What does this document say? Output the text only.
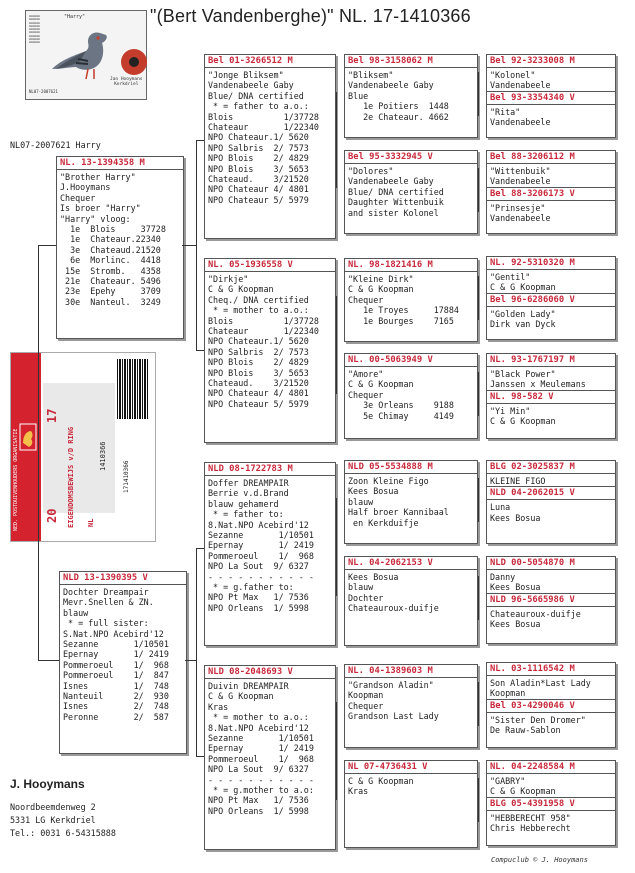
"(Bert Vandenberghe)" NL. 17-1410366
▬▬▬▬▬▬
▬▬▬▬▬▬
▬▬▬▬▬▬
▬▬▬▬▬▬
▬▬▬▬▬▬
▬▬▬▬▬▬
▬▬▬▬▬▬
▬▬▬▬▬▬
▬▬▬▬▬▬
"Harry"
Jan Hooymans
Kerkdriel
NL07-2007621
NL07-2007621 Harry
NL. 13-1394358 M
"Brother Harry"
J.Hooymans
Chequer
Is broer "Harry"
"Harry" vloog:
1e  Blois     37728
1e  Chateaur.22340
3e  Chateaud.21520
6e  Morlinc.  4418
15e  Stromb.   4358
21e  Chateaur. 5496
23e  Epehy     3709
30e  Nanteul.  3249
NED. POSTDUIVENHOUDERS ORGANISATIE	20
17
EIGENDOMSBEWIJS v/D RING NL
1410366
171410366
NLD 13-1390395 V
Dochter Dreampair
Mevr.Snellen & ZN.
blauw
* = full sister:
S.Nat.NPO Acebird'12
Sezanne       1/10501
Epernay       1/ 2419
Pommeroeul    1/  968
Pommeroeul    1/  847
Isnes         1/  748
Nanteuil      2/  930
Isnes         2/  748
Peronne       2/  587
Bel 01-3266512 M
"Jonge Bliksem"
Vandenabeele Gaby
Blue/ DNA certified
* = father to a.o.:
Blois          1/37728
Chateaur       1/22340
NPO Chateaur.1/ 5620
NPO Salbris  2/ 7573
NPO Blois    2/ 4829
NPO Blois    3/ 5653
Chateaud.    3/21520
NPO Chateaur 4/ 4801
NPO Chateaur 5/ 5979
NL. 05-1936558 V
"Dirkje"
C & G Koopman
Cheq./ DNA certified
* = mother to a.o.:
Blois          1/37728
Chateaur       1/22340
NPO Chateaur.1/ 5620
NPO Salbris  2/ 7573
NPO Blois    2/ 4829
NPO Blois    3/ 5653
Chateaud.    3/21520
NPO Chateaur 4/ 4801
NPO Chateaur 5/ 5979
NLD 08-1722783 M
Doffer DREAMPAIR
Berrie v.d.Brand
blauw gehamerd
* = father to:
8.Nat.NPO Acebird'12
Sezanne       1/10501
Epernay       1/ 2419
Pommeroeul    1/  968
NPO La Sout  9/ 6327
- - - - - - - - - - -
* = g.father to:
NPO Pt Max   1/ 7536
NPO Orleans  1/ 5998
NLD 08-2048693 V
Duivin DREAMPAIR
C & G Koopman
Kras
* = mother to a.o.:
8.Nat.NPO Acebird'12
Sezanne       1/10501
Epernay       1/ 2419
Pommeroeul    1/  968
NPO La Sout  9/ 6327
- - - - - - - - - - -
* = g.mother to a.o:
NPO Pt Max   1/ 7536
NPO Orleans  1/ 5998
Bel 98-3158062 M
"Bliksem"
Vandenabeele Gaby
Blue
1e Poitiers  1448
2e Chateaur. 4662
Bel 95-3332945 V
"Dolores"
Vandenabeele Gaby
Blue/ DNA certified
Daughter Wittenbuik
and sister Kolonel
NL. 98-1821416 M
"Kleine Dirk"
C & G Koopman
Chequer
1e Troyes     17884
1e Bourges    7165
NL. 00-5063949 V
"Amore"
C & G Koopman
Chequer
3e Orleans    9188
5e Chimay     4149
NLD 05-5534888 M
Zoon Kleine Figo
Kees Bosua
blauw
Half broer Kannibaal
en Kerkduifje
NL. 04-2062153 V
Kees Bosua
blauw
Dochter
Chateauroux-duifje
NL. 04-1389603 M
"Grandson Aladin"
Koopman
Chequer
Grandson Last Lady
NL 07-4736431 V
C & G Koopman
Kras
Bel 92-3233008 M
"Kolonel"
Vandenabeele
Bel 93-3354340 V
"Rita"
Vandenabeele
Bel 88-3206112 M
"Wittenbuik"
Vandenabeele
Bel 88-3206173 V
"Prinsesje"
Vandenabeele
NL. 92-5310320 M
"Gentil"
C & G Koopman
Bel 96-6286060 V
"Golden Lady"
Dirk van Dyck
NL. 93-1767197 M
"Black Power"
Janssen x Meulemans
NL. 98-582 V
"Yi Min"
C & G Koopman
BLG 02-3025837 M
KLEINE FIGO
NLD 04-2062015 V
Luna
Kees Bosua
NLD 00-5054870 M
Danny
Kees Bosua
NLD 96-5665986 V
Chateauroux-duifje
Kees Bosua
NL. 03-1116542 M
Son Aladin*Last Lady
Koopman
Bel 03-4290046 V
"Sister Den Dromer"
De Rauw-Sablon
NL. 04-2248584 M
"GABRY"
C & G Koopman
BLG 05-4391958 V
"HEBBERECHT 958"
Chris Hebberecht
J. Hooymans
Noordbeemdenweg 2
5331 LG Kerkdriel
Tel.: 0031 6-54315888
Compuclub © J. Hooymans
